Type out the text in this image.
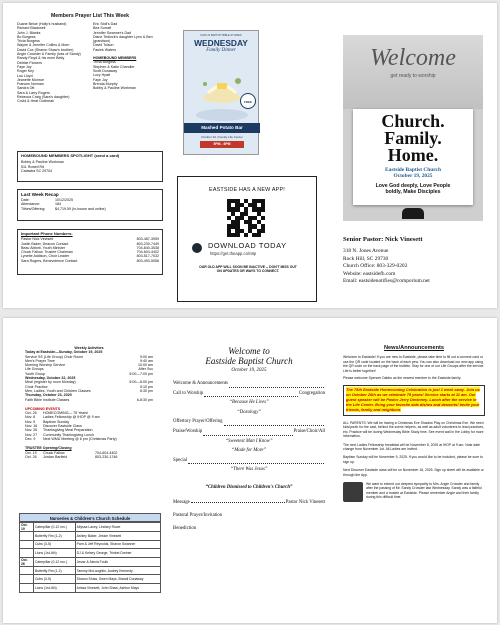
Members Prayer List This Week
Duane Belue (Holly's husband)
Richard Blackwell
John J. Blanks
Bo Burgess
Trivia Burgess
Wayne & Jennifer Collins & Mom
David Cox (Sharon Shaw's brother)
Angie Crowder & Family (loss of Sandy)
Randy Floyd & his mom Betty
Debbie Flowers
Faye Joy
Roger Key
Lou Lloyd
Jeanette Monroe
Frances Norman
Sandra Ott
Sara & Larry Rogers
Rebecca Craig (Sara's daughter)
Covid & Heat Outbreak
Eric Stoll's Dad
Bea Surratt
Jennifer Swanner's Dad
Diane Tedlock's daughter Lynn & Ben
(grandson)
David Tolson
Faulek Waters
HOMEBOUND MEMBERS
Trivia Burgess
Stephen & Katie Chandler
Scott Dunaway
Lucy Hyatt
Faye Joy
Brenda Murphy
Bobby & Pauline Workman
HOMEBOUND MEMBERS SPOTLIGHT (send a card)
Bobby & Pauline Workman
511 Rowell Rd
Catawba SC 29704
Last Week Recap
Date:	10/12/2025
Attendance:	184
Tithes/Offering:	$4,719.59 (in-house and online)
Important Phone Numbers:
Pastor Nick Vinesett	803-487-3959
Justin Baker, Deacon Contact	803-230-7449
Beau Abbott, Youth Minister	704-840-3538
Chuck Fallow, Trustee Chairman	704-604-4402
Lynette Addison, Choir Leader	803-517-7032
Sara Rogers, Benevolence Contact	803-493-5056
FOR US BAPTIST BIBLE STUDIES
WEDNESDAY
Family Dinner
FREE
Mashed Potato Bar
October 22 | Family Life Center
5PM - 6PM
EASTSIDE HAS A NEW APP!
DOWNLOAD TODAY
https://get.theapp.co/n8p
OUR OLD APP WILL SOON BE INACTIVE -- DON'T MISS OUT ON UPDATES OR WAYS TO CONNECT.
Welcome
get ready to worship
Church.
Family.
Home.
Eastside Baptist Church
October 19, 2025
Love God deeply, Love People
boldly, Make Disciples
Senior Pastor: Nick Vinesett
318 N. Jones Avenue
Rock Hill, SC 29730
Church Office: 803-329-0202
Website: eastsidefh.com
Email: eastsidenotifies@comporium.net
Weekly Activities
Today at Eastside—Sunday, October 19, 2025
Service SS (Life Group) Choir Room	9:00 am
Men's Prayer Time	9:40 am
Morning Worship Service	10:00 am
Life Groups	After Svc
Youth Group	5:00—7:00 pm
Wednesday, October 22, 2025
Meal (register by noon Monday)	5:00—6:00 pm
Choir Practice	5:10 pm
Men, Ladies, Youth and Children Classes	6:30 pm
Thursday, October 23, 2025
Faith Bible Institute Classes	6-8:30 pm
UPCOMING EVENTS
Oct. 26	HOMECOMING— 75 Years!
Nov. 8	Ladies Fellowship @ IHOP @ 9 am
Nov. 9	Baptism Sunday
Nov. 16	Discover Eastside Class
Nov. 26	Thanksgiving Meal Preparation
Nov. 27	Community Thanksgiving Lunch
Dec. 9	Next WMU Meeting @ 6 pm (Christmas Party)
TRUSTEE Opening/Closing
Oct. 19	Chuck Fallow	704-604-4402
Oct. 26	Jordan Barfield	803-230-1746
Nurseries & Children's Church Schedule
Oct. 19	Caterpillar (0-12 mo.)	Allyssa Lacey, Lindsey Rowe
	Butterfly Rm (1-2)	Ashley Baker, Jessie Vinesett
	Cubs (3-5)	Pam & Jeff Reynolds, Sharon Swanner
	Lions (1st-4th)	DJ & Kelsey George, Trinket Dreiner
Oct. 26	Caterpillar (0-12 mo.)	Jesse & Alecia Foulk
	Butterfly Rm (1-2)	Tammy McLaughlin, Audrey Kennedy
	Cubs (3-5)	Sharon Shaw, Gwen Mays, Brandi Dunaway
	Lions (1st-4th)	Arissa Vinesett, John Shaw, Ashton Mays
Welcome to
Eastside Baptist Church
October 19, 2025
Welcome & Announcements
Call to Worship	Congregation
“Because He Lives”
“Doxology”
Offertory Prayer/Offering
Praise/Worship	Praise/Choir/All
“Sweetest Man I Know”
“Made for More”
Special
“There Was Jesus”
“Children Dismissed to Children's Church”
Message	Pastor Nick Vinesett
Pastoral Prayer/Invitation
Benediction
News/Announcements
Welcome to Eastside! If you are new to Eastside, please take time to fill out a connect card or use the QR code located on the back of each pew. You can also download our new app using the QR code on the back page of the bulletin. Stay for one of our Life Groups after the service. Life is better together!
Please welcome Spencer Dabbs as the newest member to the Eastside family.
The 75th Eastside Homecoming Celebration is just 1 week away. Join us on October 26th as we celebrate 75 years! Service starts at 11 am. Our guest speaker will be Pastor Jerry Devinney. Lunch after the service in the Life Center. Bring your favorite side dishes and desserts! Invite your friends, family and neighbors.
ALL PARENTS: We will be having a Christmas Eve Shadow Play on Christmas Eve. We need kids/youth for the cast, behind the scene helpers, as well as adult volunteers to lead practices, etc. Practice will be during Wednesday Bible Study time. See event wall in the Lobby for more information.
The next Ladies Fellowship breakfast will be November 8, 2025 at IHOP at 9 am. Note date change from November 1st. All Ladies are invited.
Baptism Sunday will be November 9, 2025. If you would like to be included, please be sure to sign up.
Next Discover Eastside class will be on November 16, 2025. Sign up sheet will be available or through the App.
We want to extend our deepest sympathy to Mrs. Angie Crowder and family after the passing of Mr. Sandy Crowder last Wednesday. Sandy was a faithful member and a trustee at Eastside. Please remember Angie and their family during this difficult time.
